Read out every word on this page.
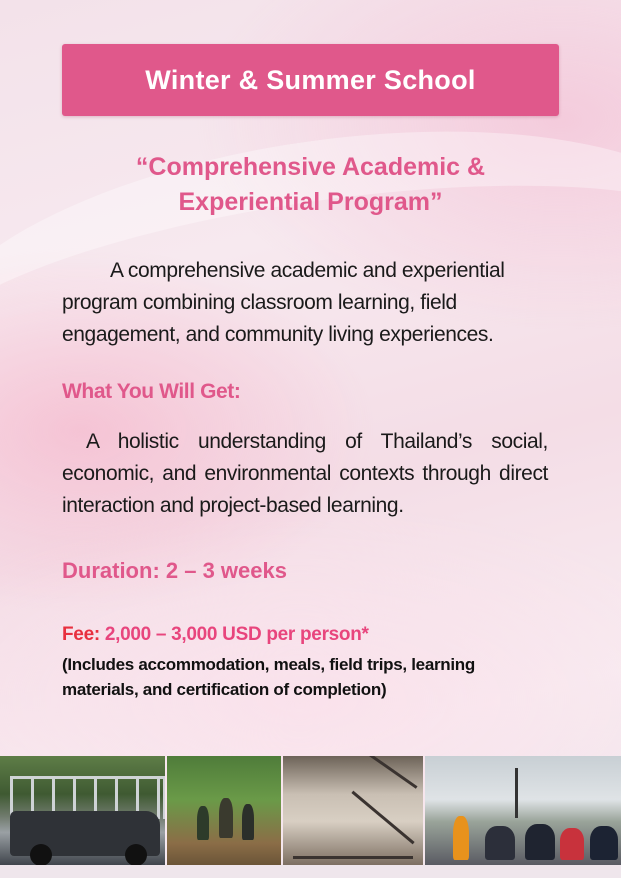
Winter & Summer School
“Comprehensive Academic &
Experiential Program”
A comprehensive academic and experiential program combining classroom learning, field engagement, and community living experiences.
What You Will Get:
A holistic understanding of Thailand’s social, economic, and environmental contexts through direct interaction and project-based learning.
Duration: 2 – 3 weeks
Fee: 2,000 – 3,000 USD per person*
(Includes accommodation, meals, field trips, learning materials, and certification of completion)
